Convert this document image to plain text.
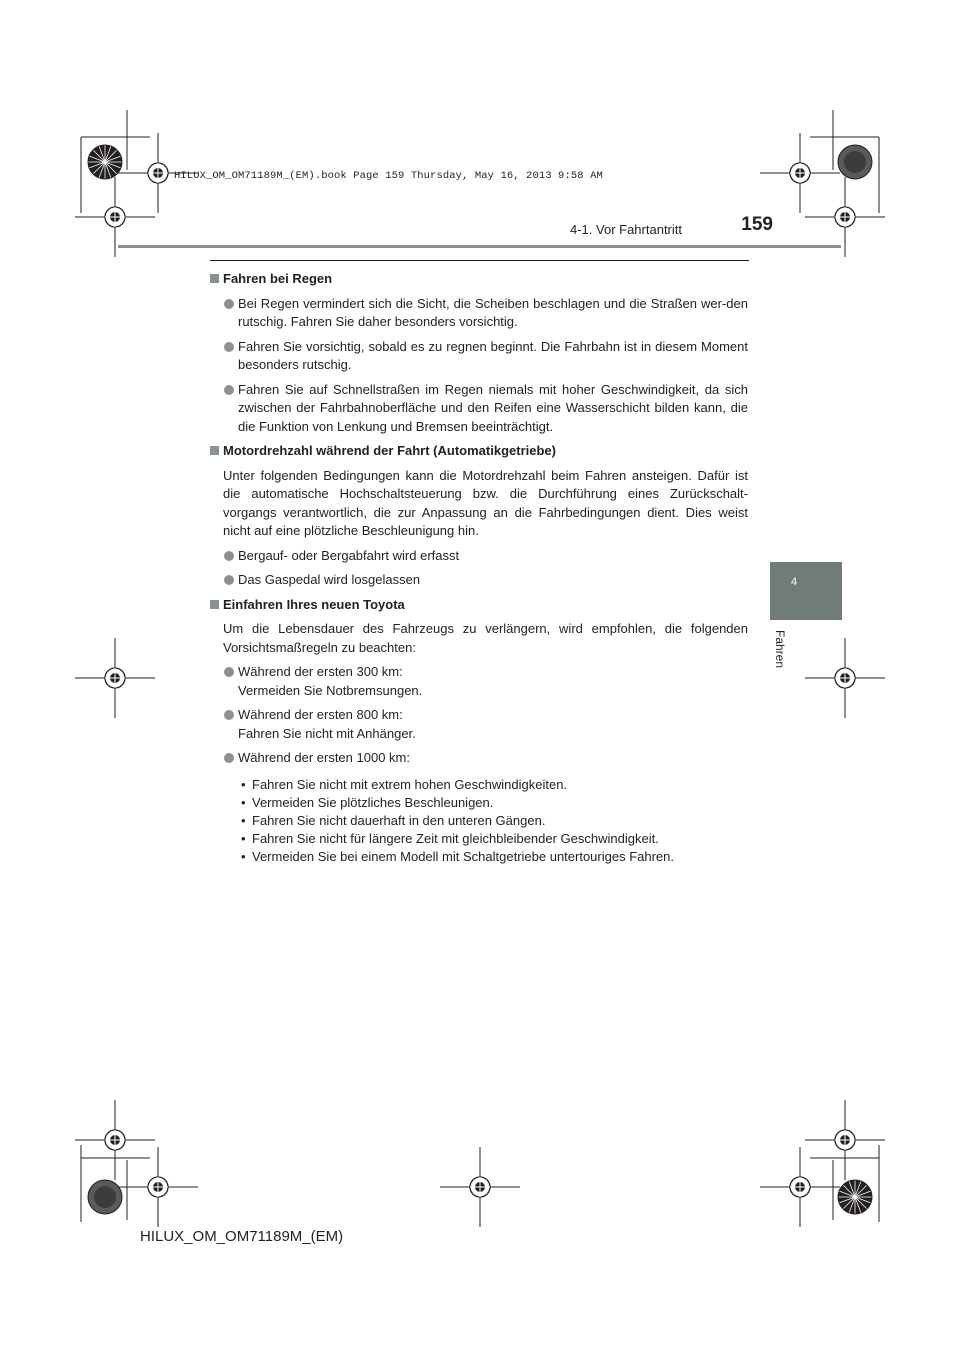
HILUX_OM_OM71189M_(EM).book Page 159 Thursday, May 16, 2013 9:58 AM
4-1. Vor Fahrtantritt	159
4
Fahren
Fahren bei Regen
Bei Regen vermindert sich die Sicht, die Scheiben beschlagen und die Straßen wer-den rutschig. Fahren Sie daher besonders vorsichtig.
Fahren Sie vorsichtig, sobald es zu regnen beginnt. Die Fahrbahn ist in diesem Moment besonders rutschig.
Fahren Sie auf Schnellstraßen im Regen niemals mit hoher Geschwindigkeit, da sich zwischen der Fahrbahnoberfläche und den Reifen eine Wasserschicht bilden kann, die die Funktion von Lenkung und Bremsen beeinträchtigt.
Motordrehzahl während der Fahrt (Automatikgetriebe)
Unter folgenden Bedingungen kann die Motordrehzahl beim Fahren ansteigen. Dafür ist die automatische Hochschaltsteuerung bzw. die Durchführung eines Zurückschalt-vorgangs verantwortlich, die zur Anpassung an die Fahrbedingungen dient. Dies weist nicht auf eine plötzliche Beschleunigung hin.
Bergauf- oder Bergabfahrt wird erfasst
Das Gaspedal wird losgelassen
Einfahren Ihres neuen Toyota
Um die Lebensdauer des Fahrzeugs zu verlängern, wird empfohlen, die folgenden Vorsichtsmaßregeln zu beachten:
Während der ersten 300 km:
Vermeiden Sie Notbremsungen.
Während der ersten 800 km:
Fahren Sie nicht mit Anhänger.
Während der ersten 1000 km:
• Fahren Sie nicht mit extrem hohen Geschwindigkeiten.
• Vermeiden Sie plötzliches Beschleunigen.
• Fahren Sie nicht dauerhaft in den unteren Gängen.
• Fahren Sie nicht für längere Zeit mit gleichbleibender Geschwindigkeit.
• Vermeiden Sie bei einem Modell mit Schaltgetriebe untertouriges Fahren.
HILUX_OM_OM71189M_(EM)
